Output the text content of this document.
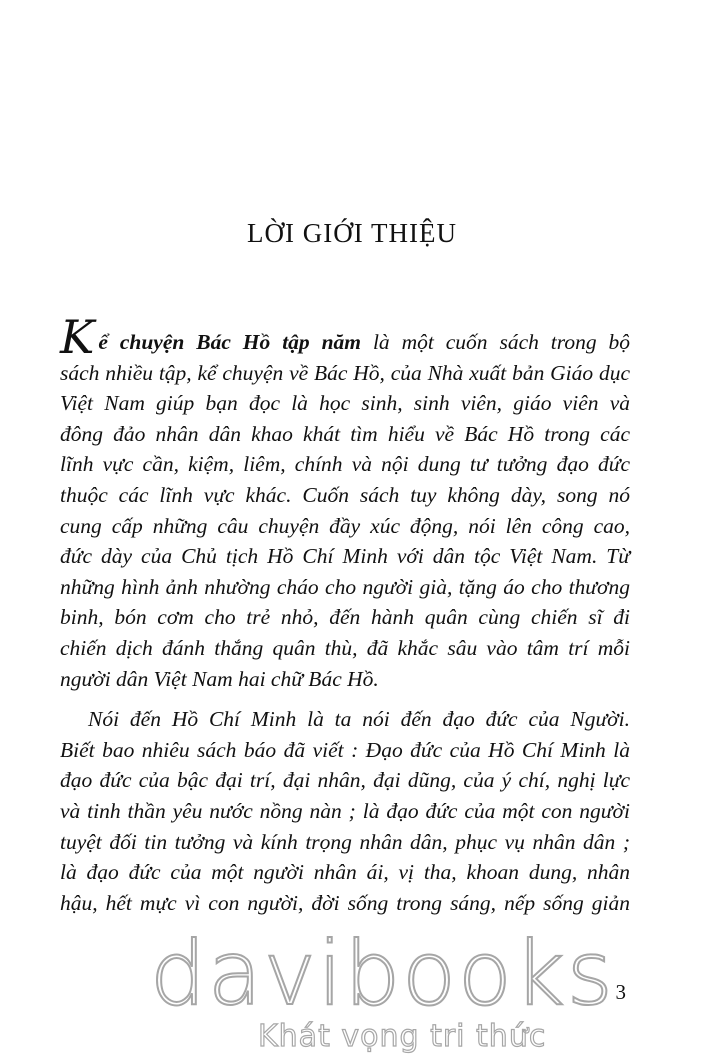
LỜI GIỚI THIỆU

Kể chuyện Bác Hồ tập năm là một cuốn sách trong bộ
sách nhiều tập, kể chuyện về Bác Hồ, của Nhà xuất bản Giáo dục
Việt Nam giúp bạn đọc là học sinh, sinh viên, giáo viên và
đông đảo nhân dân khao khát tìm hiểu về Bác Hồ trong các
lĩnh vực cần, kiệm, liêm, chính và nội dung tư tưởng đạo đức
thuộc các lĩnh vực khác. Cuốn sách tuy không dày, song nó
cung cấp những câu chuyện đầy xúc động, nói lên công cao,
đức dày của Chủ tịch Hồ Chí Minh với dân tộc Việt Nam. Từ
những hình ảnh nhường cháo cho người già, tặng áo cho thương
binh, bón cơm cho trẻ nhỏ, đến hành quân cùng chiến sĩ đi
chiến dịch đánh thắng quân thù, đã khắc sâu vào tâm trí mỗi
người dân Việt Nam hai chữ Bác Hồ.

Nói đến Hồ Chí Minh là ta nói đến đạo đức của Người.
Biết bao nhiêu sách báo đã viết : Đạo đức của Hồ Chí Minh là
đạo đức của bậc đại trí, đại nhân, đại dũng, của ý chí, nghị lực
và tinh thần yêu nước nồng nàn ; là đạo đức của một con người
tuyệt đối tin tưởng và kính trọng nhân dân, phục vụ nhân dân ;
là đạo đức của một người nhân ái, vị tha, khoan dung, nhân
hậu, hết mực vì con người, đời sống trong sáng, nếp sống giản

3
davibooks
Khát vọng tri thức
